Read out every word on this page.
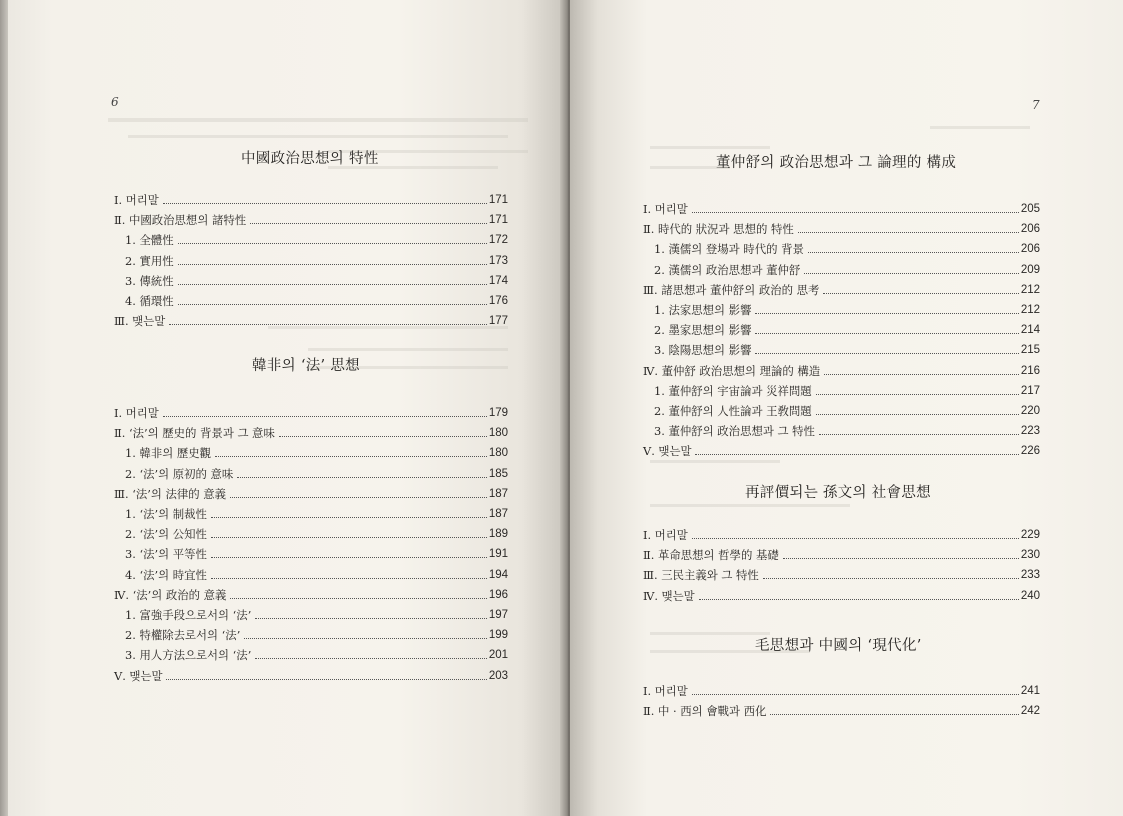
6
中國政治思想의 特性
Ⅰ. 머리말	171
Ⅱ. 中國政治思想의 諸特性	171
1. 全體性	172
2. 實用性	173
3. 傳統性	174
4. 循環性	176
Ⅲ. 맺는말	177
韓非의 ‘法’ 思想
Ⅰ. 머리말	179
Ⅱ. ‘法’의 歷史的 背景과 그 意味	180
1. 韓非의 歷史觀	180
2. ‘法’의 原初的 意味	185
Ⅲ. ‘法’의 法律的 意義	187
1. ‘法’의 制裁性	187
2. ‘法’의 公知性	189
3. ‘法’의 平等性	191
4. ‘法’의 時宜性	194
Ⅳ. ‘法’의 政治的 意義	196
1. 富強手段으로서의 ‘法’	197
2. 特權除去로서의 ‘法’	199
3. 用人方法으로서의 ‘法’	201
Ⅴ. 맺는말	203
7
董仲舒의 政治思想과 그 論理的 構成
Ⅰ. 머리말	205
Ⅱ. 時代的 狀況과 思想的 特性	206
1. 漢儒의 登場과 時代的 背景	206
2. 漢儒의 政治思想과 董仲舒	209
Ⅲ. 諸思想과 董仲舒의 政治的 思考	212
1. 法家思想의 影響	212
2. 墨家思想의 影響	214
3. 陰陽思想의 影響	215
Ⅳ. 董仲舒 政治思想의 理論的 構造	216
1. 董仲舒의 宇宙論과 災祥問題	217
2. 董仲舒의 人性論과 王敎問題	220
3. 董仲舒의 政治思想과 그 特性	223
Ⅴ. 맺는말	226
再評價되는 孫文의 社會思想
Ⅰ. 머리말	229
Ⅱ. 革命思想의 哲學的 基礎	230
Ⅲ. 三民主義와 그 特性	233
Ⅳ. 맺는말	240
毛思想과 中國의 ‘現代化’
Ⅰ. 머리말	241
Ⅱ. 中 · 西의 會戰과 西化	242
